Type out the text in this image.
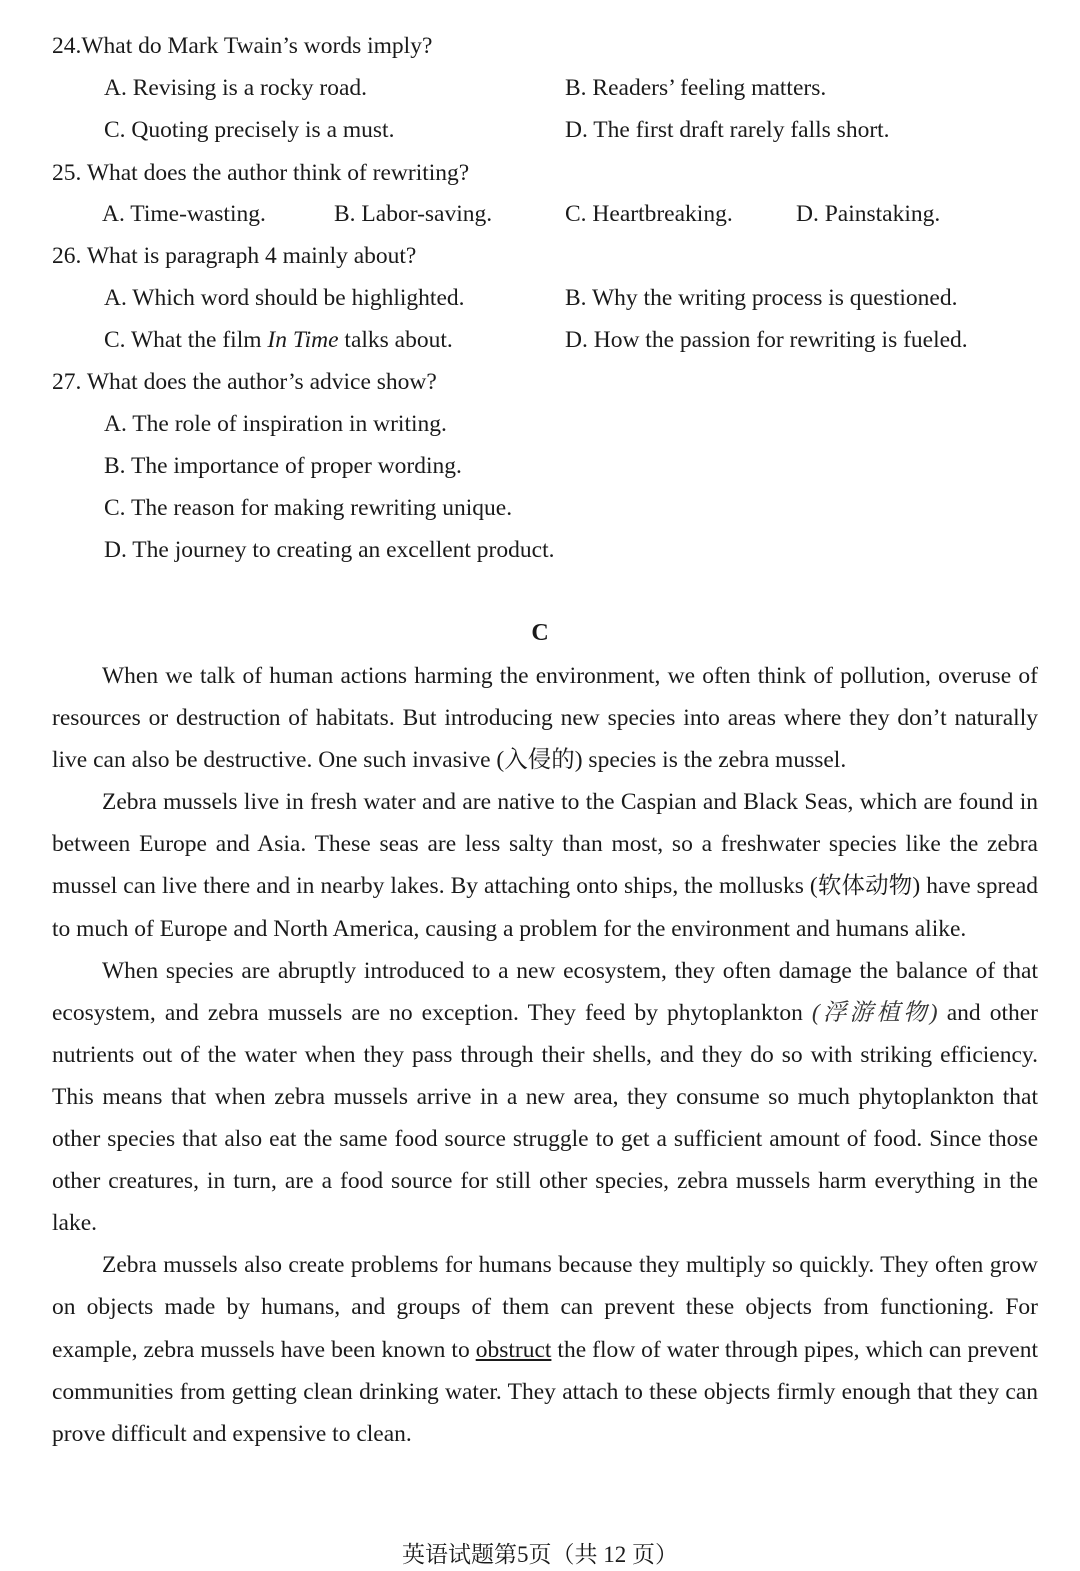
24.What do Mark Twain’s words imply?
A. Revising is a rocky road.	B. Readers’ feeling matters.
C. Quoting precisely is a must.	D. The first draft rarely falls short.
25. What does the author think of rewriting?
A. Time-wasting.	B. Labor-saving.	C. Heartbreaking.	D. Painstaking.
26. What is paragraph 4 mainly about?
A. Which word should be highlighted.	B. Why the writing process is questioned.
C. What the film In Time talks about.	D. How the passion for rewriting is fueled.
27. What does the author’s advice show?
A. The role of inspiration in writing.
B. The importance of proper wording.
C. The reason for making rewriting unique.
D. The journey to creating an excellent product.
C

When we talk of human actions harming the environment, we often think of pollution, overuse of resources or destruction of habitats. But introducing new species into areas where they don’t naturally live can also be destructive. One such invasive (入侵的) species is the zebra mussel.

Zebra mussels live in fresh water and are native to the Caspian and Black Seas, which are found in between Europe and Asia. These seas are less salty than most, so a freshwater species like the zebra mussel can live there and in nearby lakes. By attaching onto ships, the mollusks (软体动物) have spread to much of Europe and North America, causing a problem for the environment and humans alike.

When species are abruptly introduced to a new ecosystem, they often damage the balance of that ecosystem, and zebra mussels are no exception. They feed by phytoplankton (浮游植物) and other nutrients out of the water when they pass through their shells, and they do so with striking efficiency. This means that when zebra mussels arrive in a new area, they consume so much phytoplankton that other species that also eat the same food source struggle to get a sufficient amount of food. Since those other creatures, in turn, are a food source for still other species, zebra mussels harm everything in the lake.

Zebra mussels also create problems for humans because they multiply so quickly. They often grow on objects made by humans, and groups of them can prevent these objects from functioning. For example, zebra mussels have been known to obstruct the flow of water through pipes, which can prevent communities from getting clean drinking water. They attach to these objects firmly enough that they can prove difficult and expensive to clean.

英语试题第5页（共 12 页）
